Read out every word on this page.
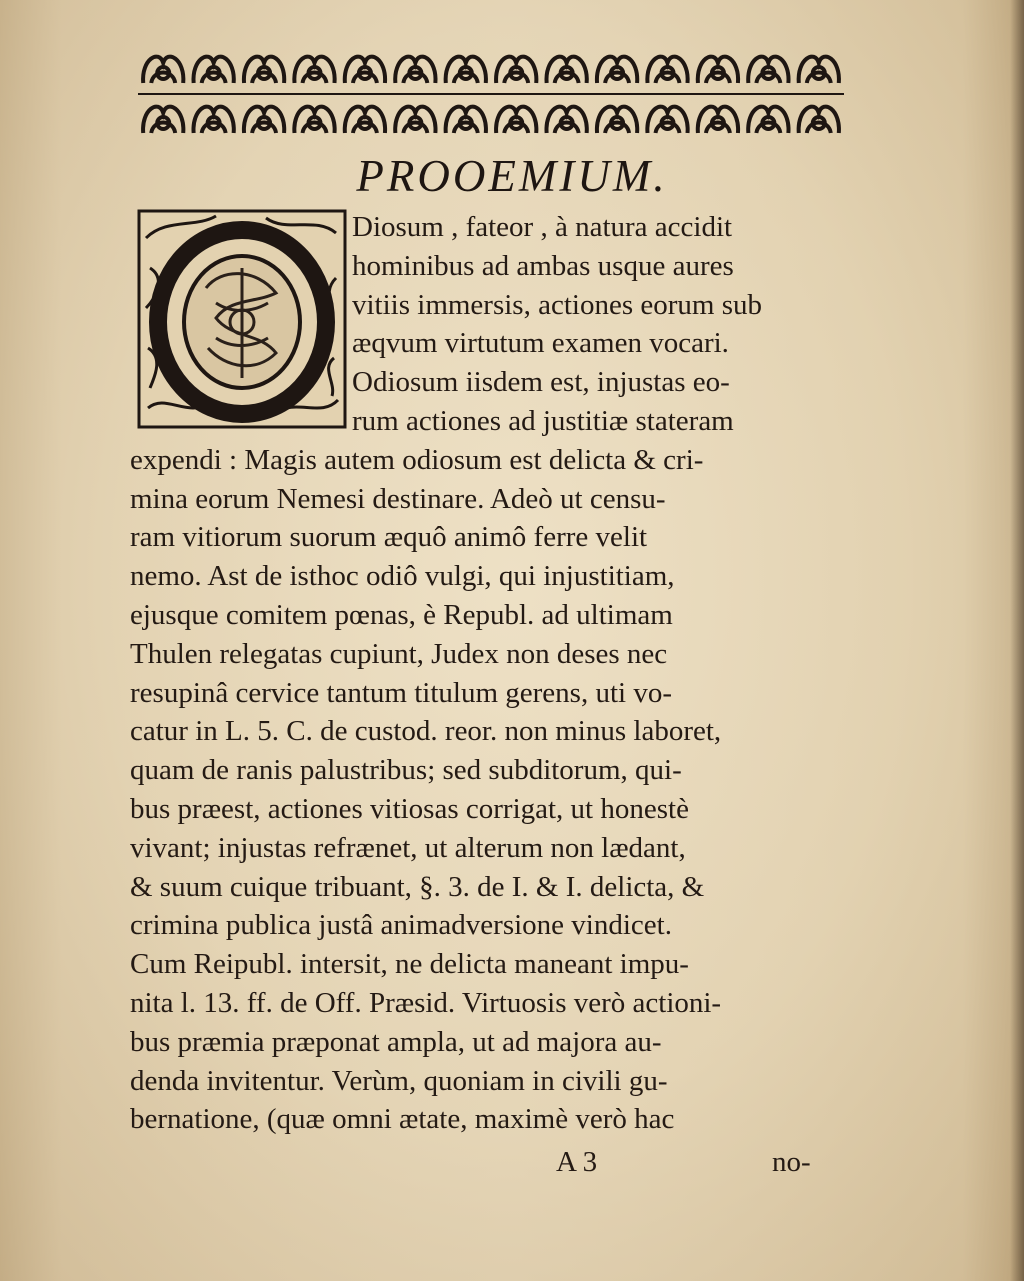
PROOEMIUM.
O
Diosum , fateor , à natura accidit
hominibus ad ambas usque aures
vitiis immersis, actiones eorum sub
æqvum virtutum examen vocari.
Odiosum iisdem est, injustas eo-
rum actiones ad justitiæ stateram
expendi : Magis autem odiosum est delicta & cri-
mina eorum Nemesi destinare. Adeò ut censu-
ram vitiorum suorum æquô animô ferre velit
nemo. Ast de isthoc odiô vulgi, qui injustitiam,
ejusque comitem pœnas, è Republ. ad ultimam
Thulen relegatas cupiunt, Judex non deses nec
resupinâ cervice tantum titulum gerens, uti vo-
catur in L. 5. C. de custod. reor. non minus laboret,
quam de ranis palustribus; sed subditorum, qui-
bus præest, actiones vitiosas corrigat, ut honestè
vivant; injustas refrænet, ut alterum non lædant,
& suum cuique tribuant, §. 3. de I. & I. delicta, &
crimina publica justâ animadversione vindicet.
Cum Reipubl. intersit, ne delicta maneant impu-
nita l. 13. ff. de Off. Præsid. Virtuosis verò actioni-
bus præmia præponat ampla, ut ad majora au-
denda invitentur. Verùm, quoniam in civili gu-
bernatione, (quæ omni ætate, maximè verò hac
A 3	no-
